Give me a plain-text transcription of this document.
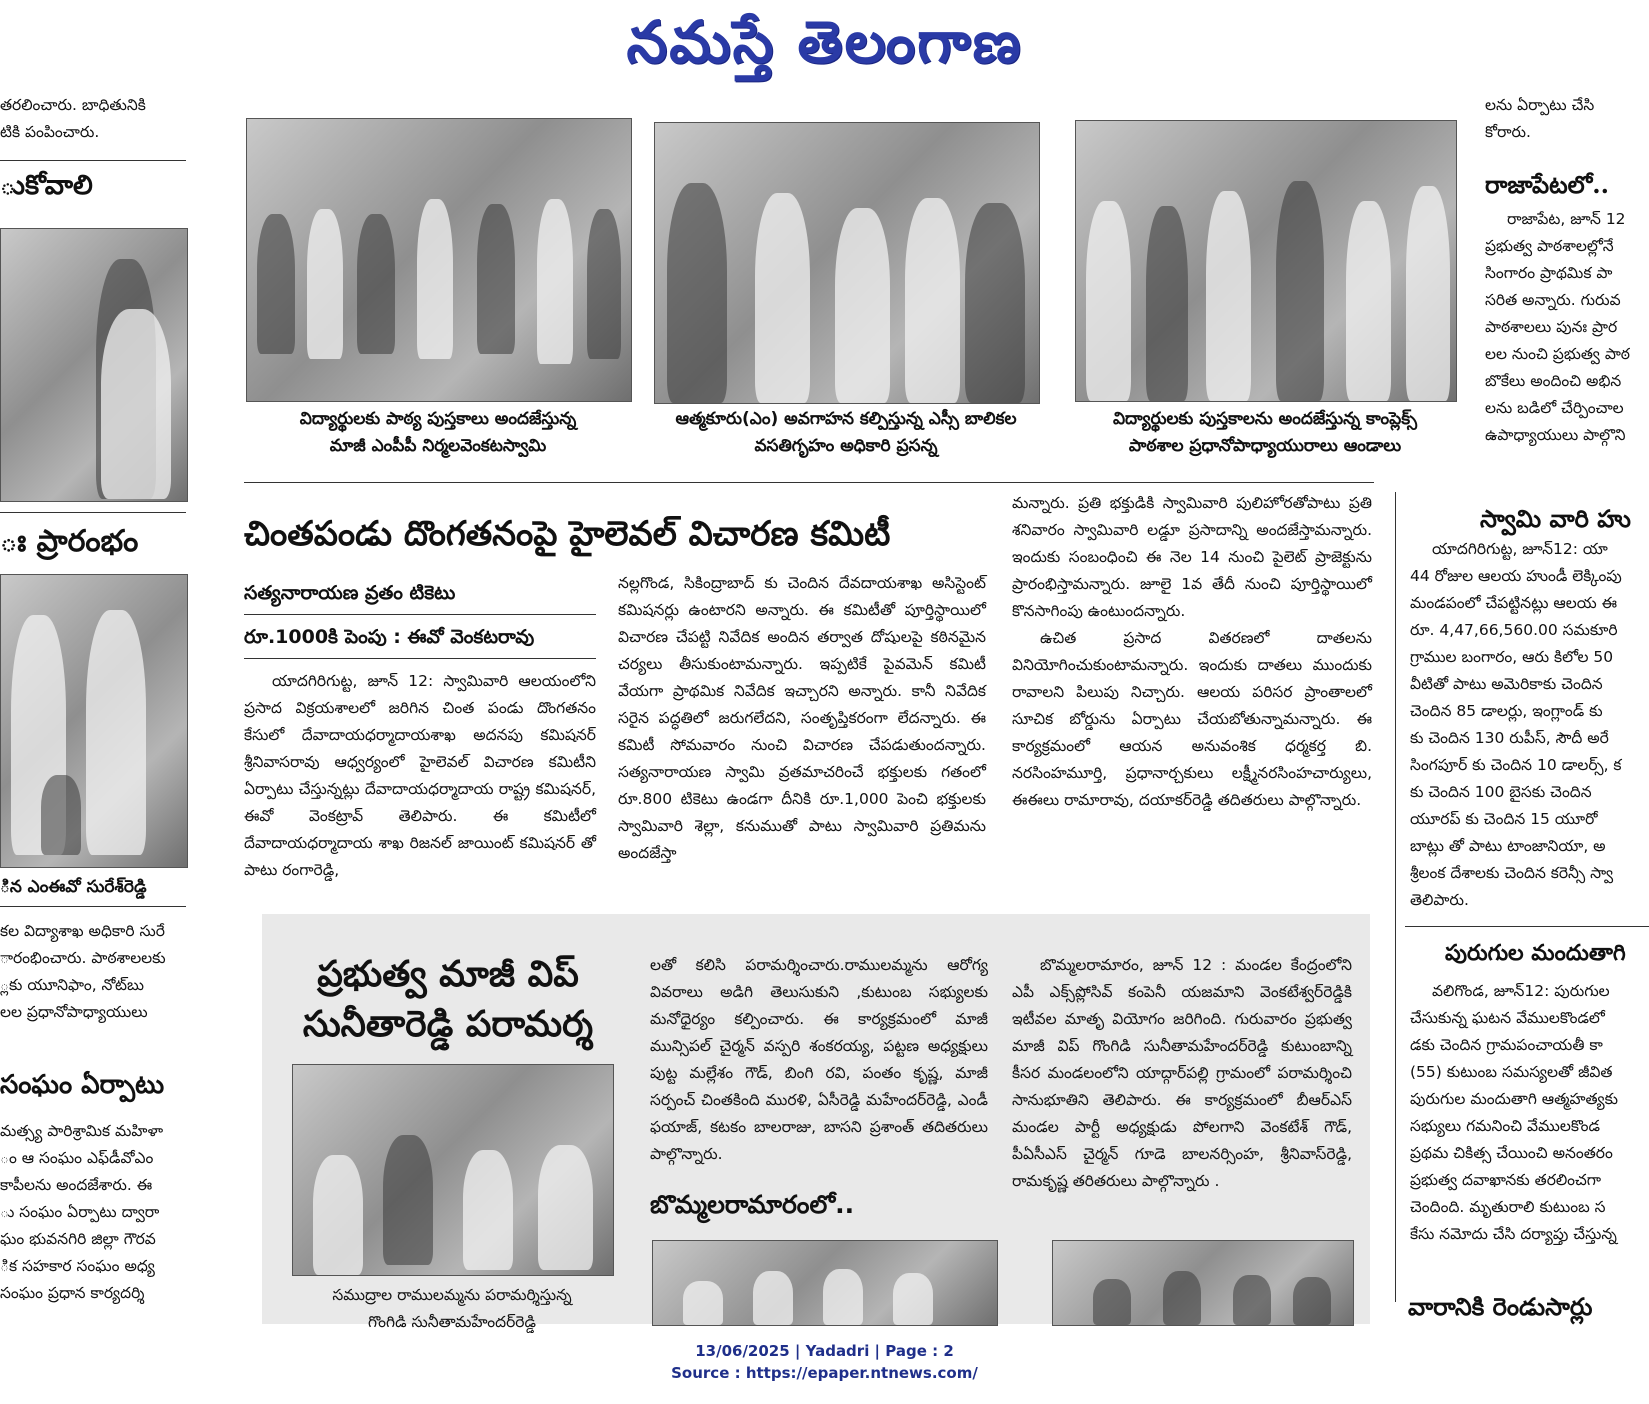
నమస్తే తెలంగాణ

తరలించారు. బాధితునికి

టికి పంపించారు.

ుకోవాలి
ః ప్రారంభం
ిన ఎంఈవో సురేశ్‌రెడ్డి

కల విద్యాశాఖ అధికారి సురే

ారంభించారు. పాఠశాలలకు

్లకు యూనిఫాం, నోట్‌బు

లల ప్రధానోపాధ్యాయులు

సంఘం ఏర్పాటు

మత్స్య పారిశ్రామిక మహిళా

ం ఆ సంఘం ఎఫ్‌డీవోఎం

కాపీలను అందజేశారు. ఈ

ు సంఘం ఏర్పాటు ద్వారా

ఘం భువనగిరి జిల్లా గౌరవ

ిక సహకార సంఘం అధ్య

సంఘం ప్రధాన కార్యదర్శి

విద్యార్థులకు పాఠ్య పుస్తకాలు అందజేస్తున్న
మాజీ ఎంపీపీ నిర్మలవెంకటస్వామి
ఆత్మకూరు(ఎం) అవగాహన కల్పిస్తున్న ఎస్సీ బాలికల
వసతిగృహం అధికారి ప్రసన్న
విద్యార్థులకు పుస్తకాలను అందజేస్తున్న కాంప్లెక్స్
పాఠశాల ప్రధానోపాధ్యాయురాలు ఆండాలు

లను ఏర్పాటు చేసి

కోరారు.

రాజాపేటలో..

రాజాపేట, జూన్ 12

ప్రభుత్వ పాఠశాలల్లోనే

సింగారం ప్రాథమిక పా

సరిత అన్నారు. గురువ

పాఠశాలలు పునః ప్రార

లల నుంచి ప్రభుత్వ పాఠ

బొకేలు అందించి అభిన

లను బడిలో చేర్పించాల

ఉపాధ్యాయులు పాల్గొని

స్వామి వారి హు

యాదగిరిగుట్ట, జూన్12: యా

44 రోజుల ఆలయ హుండీ లెక్కింపు

మండపంలో చేపట్టినట్లు ఆలయ ఈ

రూ. 4,47,66,560.00 సమకూరి

గ్రాముల బంగారం, ఆరు కిలోల 50

వీటితో పాటు అమెరికాకు చెందిన

చెందిన 85 డాలర్లు, ఇంగ్లాండ్ కు

కు చెందిన 130 రుపీస్, సౌదీ అరే

సింగపూర్ కు చెందిన 10 డాలర్స్, క

కు చెందిన 100 బైసకు చెందిన

యూరప్ కు చెందిన 15 యూరో

బాట్లు తో పాటు టాంజానియా, అ

శ్రీలంక దేశాలకు చెందిన కరెన్సీ స్వా

తెలిపారు.

పురుగుల మందుతాగి

వలిగొండ, జూన్12: పురుగుల

చేసుకున్న ఘటన వేములకొండలో

డకు చెందిన గ్రామపంచాయతీ కా

(55) కుటుంబ సమస్యలతో జీవిత

పురుగుల మందుతాగి ఆత్మహత్యకు

సభ్యులు గమనించి వేములకొండ

ప్రథమ చికిత్స చేయించి అనంతరం

ప్రభుత్వ దవాఖానకు తరలించగా

చెందింది. మృతురాలి కుటుంబ స

కేసు నమోదు చేసి దర్యాప్తు చేస్తున్న

వారానికి రెండుసార్లు
చింతపండు దొంగతనంపై హైలెవల్ విచారణ కమిటీ
సత్యనారాయణ వ్రతం టికెటు
రూ.1000కి పెంపు : ఈవో వెంకటరావు

యాదగిరిగుట్ట, జూన్ 12: స్వామివారి ఆలయంలోని ప్రసాద విక్రయశాలలో జరిగిన చింత పండు దొంగతనం కేసులో దేవాదాయధర్మాదాయశాఖ అదనపు కమిషనర్ శ్రీనివాసరావు ఆధ్వర్యంలో హైలెవల్ విచారణ కమిటీని ఏర్పాటు చేస్తున్నట్లు దేవాదాయధర్మాదాయ రాష్ట్ర కమిషనర్, ఈవో వెంకట్రావ్ తెలిపారు. ఈ కమిటీలో దేవాదాయధర్మాదాయ శాఖ రిజనల్ జాయింట్ కమిషనర్ తో పాటు రంగారెడ్డి,

నల్లగొండ, సికింద్రాబాద్ కు చెందిన దేవదాయశాఖ అసిస్టెంట్ కమిషనర్లు ఉంటారని అన్నారు. ఈ కమిటీతో పూర్తిస్థాయిలో విచారణ చేపట్టి నివేదిక అందిన తర్వాత దోషులపై కఠినమైన చర్యలు తీసుకుంటామన్నారు. ఇప్పటికే పైవమెన్ కమిటీ వేయగా ప్రాథమిక నివేదిక ఇచ్చారని అన్నారు. కానీ నివేదిక సరైన పద్ధతిలో జరుగలేదని, సంతృప్తికరంగా లేదన్నారు. ఈ కమిటీ సోమవారం నుంచి విచారణ చేపడుతుందన్నారు. సత్యనారాయణ స్వామి వ్రతమాచరించే భక్తులకు గతంలో రూ.800 టికెటు ఉండగా దీనికి రూ.1,000 పెంచి భక్తులకు స్వామివారి శెల్లా, కనుముతో పాటు స్వామివారి ప్రతిమను అందజేస్తా

మన్నారు. ప్రతి భక్తుడికి స్వామివారి పులిహోరతోపాటు ప్రతి శనివారం స్వామివారి లడ్డూ ప్రసాదాన్ని అందజేస్తామన్నారు. ఇందుకు సంబంధించి ఈ నెల 14 నుంచి పైలెట్ ప్రాజెక్టును ప్రారంభిస్తామన్నారు. జూలై 1వ తేదీ నుంచి పూర్తిస్థాయిలో కొనసాగింపు ఉంటుందన్నారు.

ఉచిత ప్రసాద వితరణలో దాతలను వినియోగించుకుంటామన్నారు. ఇందుకు దాతలు ముందుకు రావాలని పిలుపు నిచ్చారు. ఆలయ పరిసర ప్రాంతాలలో సూచిక బోర్డును ఏర్పాటు చేయబోతున్నామన్నారు. ఈ కార్యక్రమంలో ఆయన అనువంశిక ధర్మకర్త బి. నరసింహమూర్తి, ప్రధానార్చకులు లక్ష్మీనరసింహచార్యులు, ఈఈలు రామారావు, దయాకర్‌రెడ్డి తదితరులు పాల్గొన్నారు.

ప్రభుత్వ మాజీ విప్
సునీతారెడ్డి పరామర్శ
సముద్రాల రాములమ్మను పరామర్శిస్తున్న

లతో కలిసి పరామర్శించారు.రాములమ్మను ఆరోగ్య వివరాలు అడిగి తెలుసుకుని ,కుటుంబ సభ్యులకు మనోధైర్యం కల్పించారు. ఈ కార్యక్రమంలో మాజీ మున్సిపల్ చైర్మన్ వస్పరి శంకరయ్య, పట్టణ అధ్యక్షులు పుట్ట మల్లేశం గౌడ్, బింగి రవి, పంతం కృష్ణ, మాజీ సర్పంచ్ చింతకింది మురళి, ఏసీరెడ్డి మహేందర్‌రెడ్డి, ఎండీ ఫయాజ్, కటకం బాలరాజు, బాసని ప్రశాంత్ తదితరులు పాల్గొన్నారు.

బొమ్మలరామారంలో..

బొమ్మలరామారం, జూన్ 12 : మండల కేంద్రంలోని ఎపీ ఎక్స్‌ప్లోసివ్ కంపెనీ యజమాని వెంకటేశ్వర్‌రెడ్డికి ఇటీవల మాతృ వియోగం జరిగింది. గురువారం ప్రభుత్వ మాజీ విప్ గొంగిడి సునీతామహేందర్‌రెడ్డి కుటుంబాన్ని కీసర మండలంలోని యాద్గార్‌పల్లి గ్రామంలో పరామర్శించి సానుభూతిని తెలిపారు. ఈ కార్యక్రమంలో బీఆర్ఎస్ మండల పార్టీ అధ్యక్షుడు పోలగాని వెంకటేశ్ గౌడ్, పీఏసీఎస్ చైర్మన్ గూడె బాలనర్సింహ, శ్రీనివాస్‌రెడ్డి, రామకృష్ణ తరితరులు పాల్గొన్నారు .

13/06/2025 | Yadadri | Page : 2
Source : https://epaper.ntnews.com/
